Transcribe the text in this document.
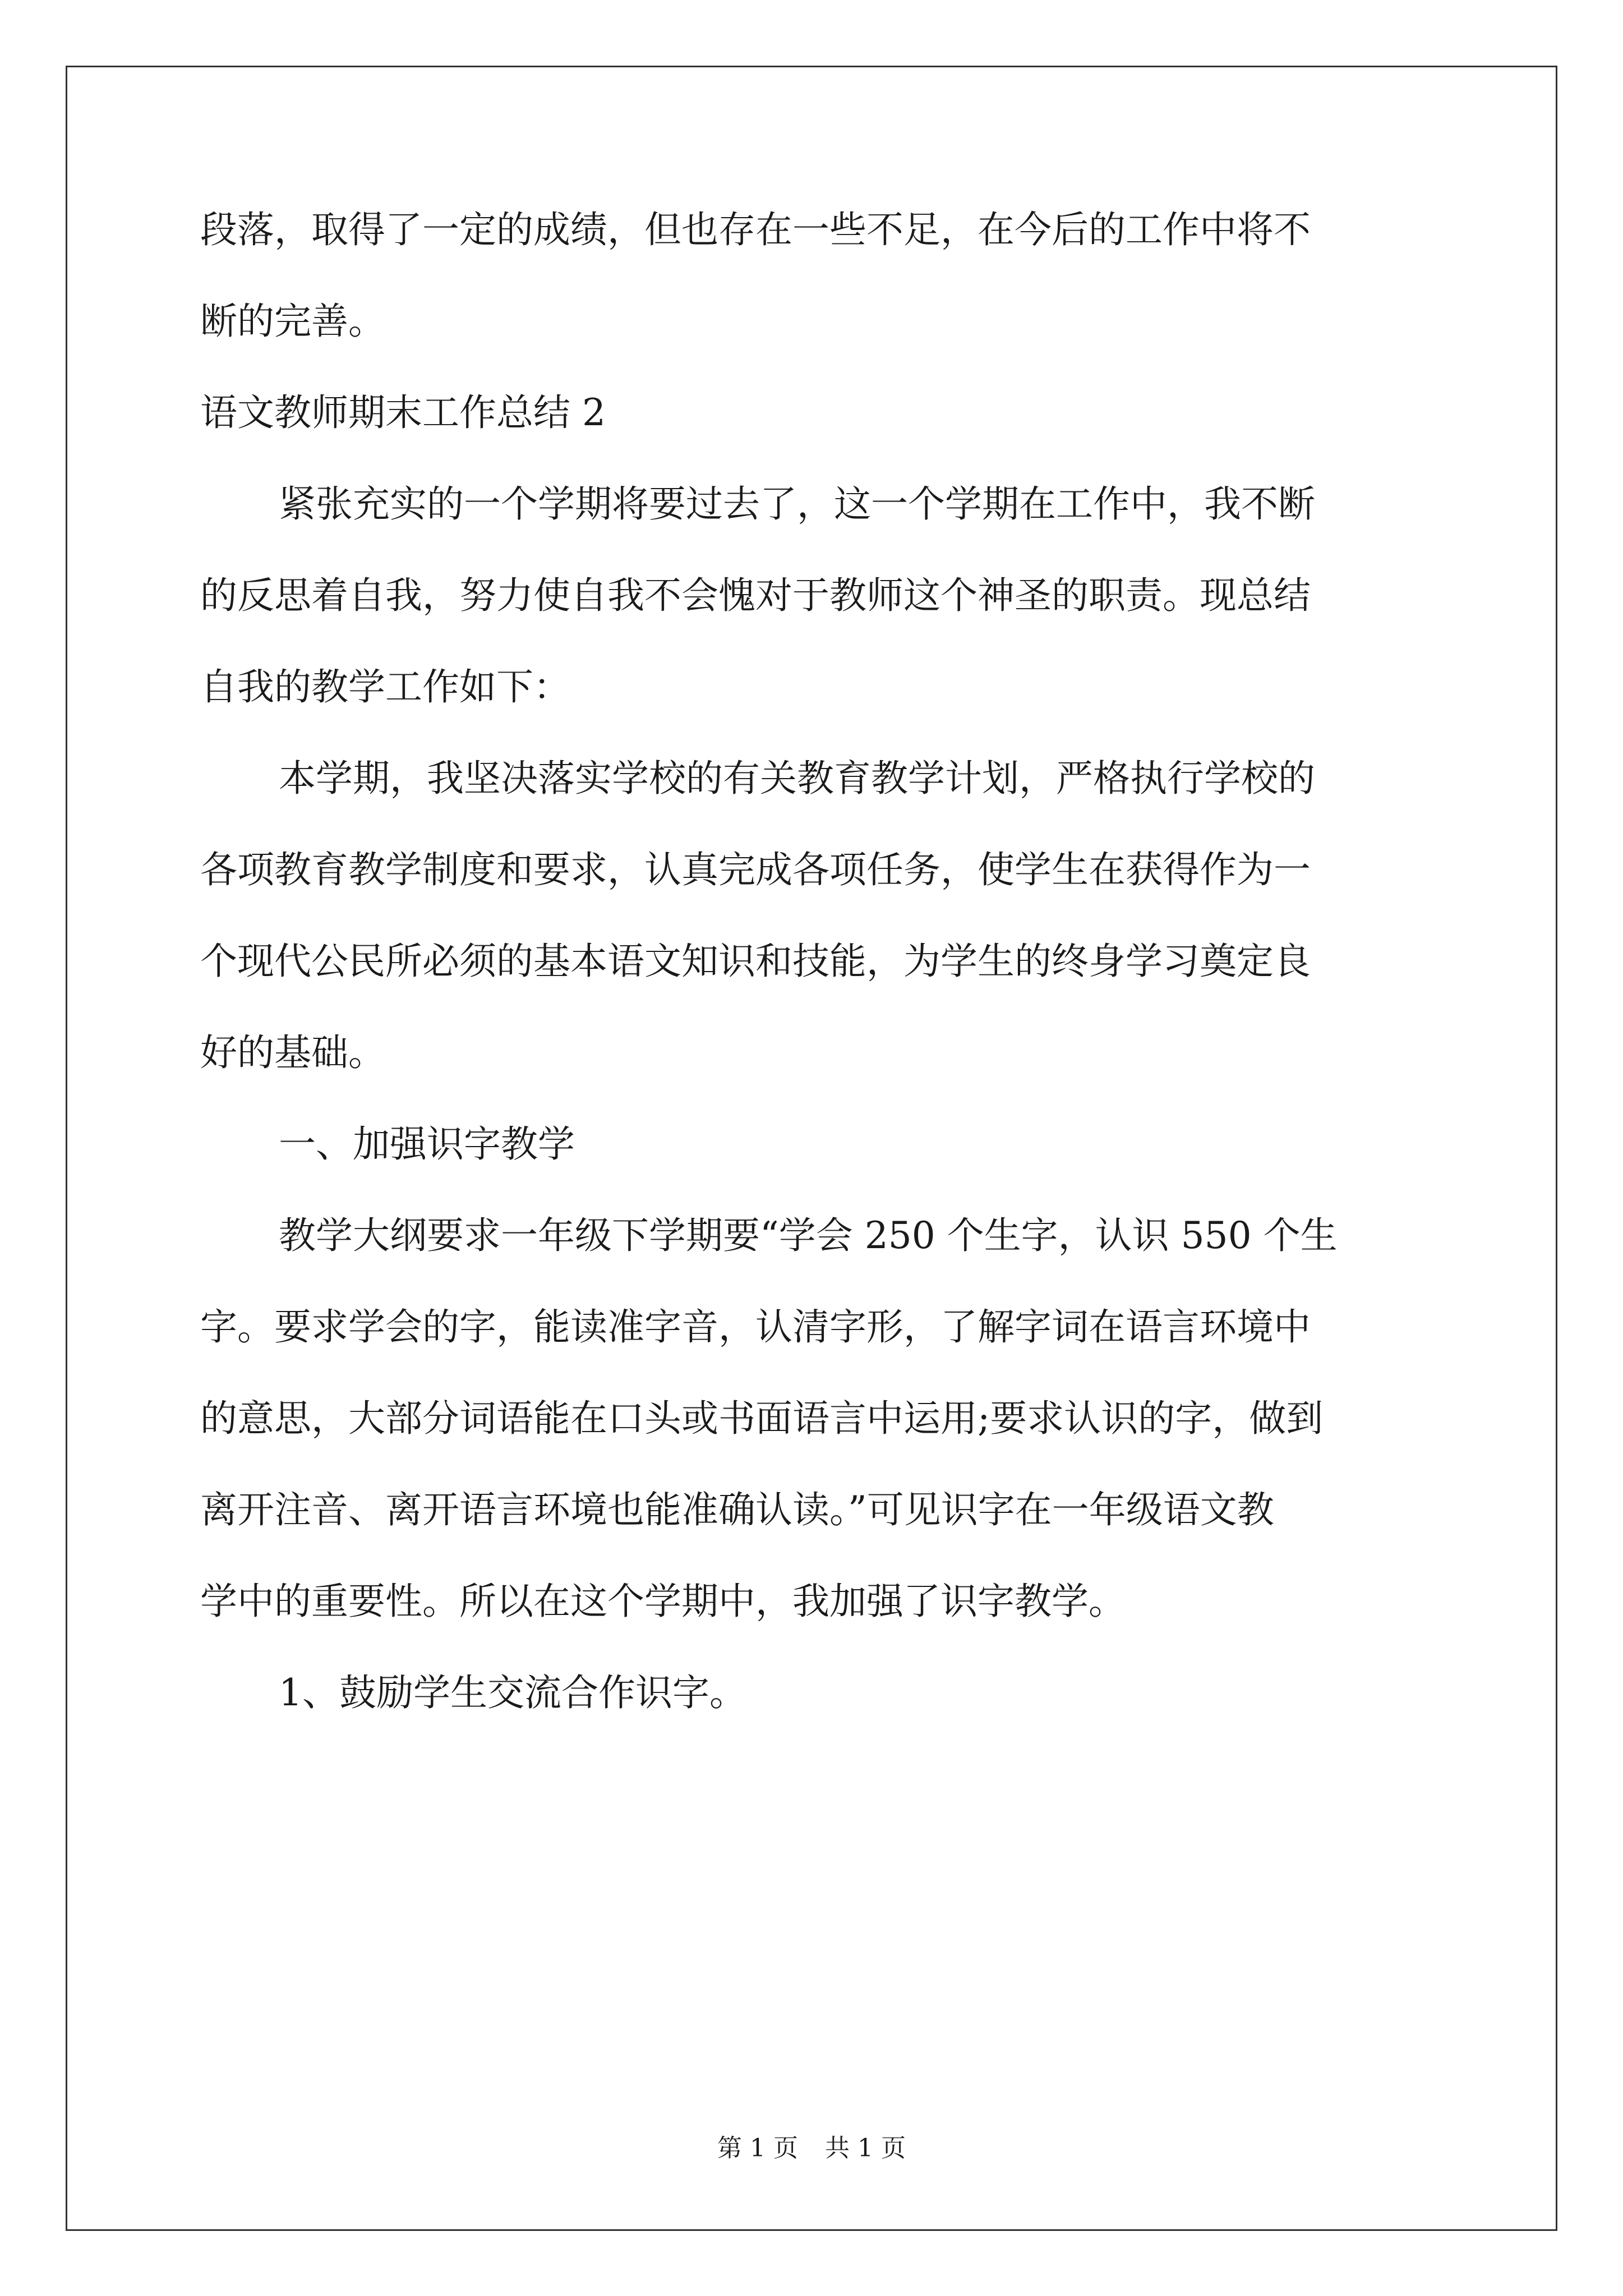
段落，取得了一定的成绩，但也存在一些不足，在今后的工作中将不
断的完善。
语文教师期末工作总结 2
紧张充实的一个学期将要过去了，这一个学期在工作中，我不断
的反思着自我，努力使自我不会愧对于教师这个神圣的职责。现总结
自我的教学工作如下：
本学期，我坚决落实学校的有关教育教学计划，严格执行学校的
各项教育教学制度和要求，认真完成各项任务，使学生在获得作为一
个现代公民所必须的基本语文知识和技能，为学生的终身学习奠定良
好的基础。
一、加强识字教学
教学大纲要求一年级下学期要“学会 250 个生字，认识 550 个生
字。要求学会的字，能读准字音，认清字形，了解字词在语言环境中
的意思，大部分词语能在口头或书面语言中运用;要求认识的字，做到
离开注音、离开语言环境也能准确认读。”可见识字在一年级语文教
学中的重要性。所以在这个学期中，我加强了识字教学。
1、鼓励学生交流合作识字。
第 1 页 共 1 页
